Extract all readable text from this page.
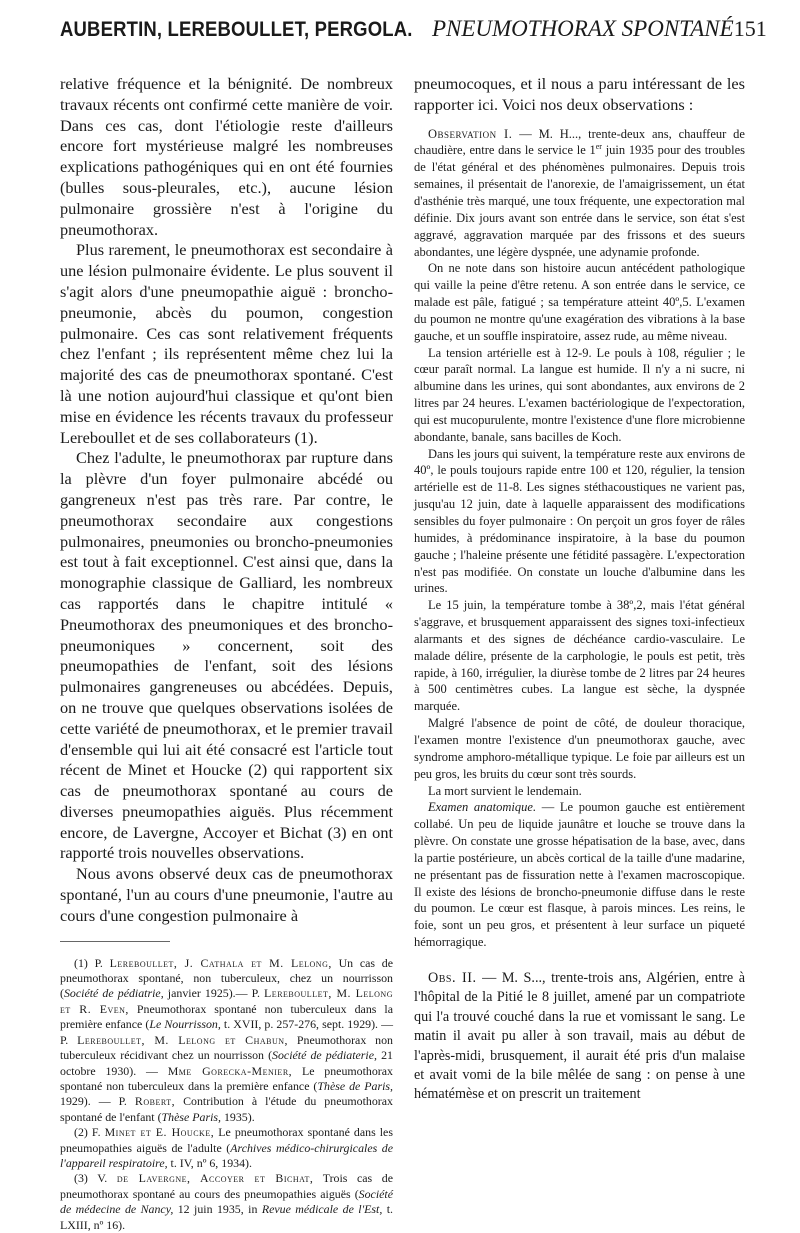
AUBERTIN, LEREBOULLET, PERGOLA. PNEUMOTHORAX SPONTANÉ 151

relative fréquence et la bénignité. De nombreux travaux récents ont confirmé cette manière de voir. Dans ces cas, dont l'étiologie reste d'ailleurs encore fort mystérieuse malgré les nombreuses explications pathogéniques qui en ont été fournies (bulles sous-pleurales, etc.), aucune lésion pulmonaire grossière n'est à l'origine du pneumothorax.

Plus rarement, le pneumothorax est secondaire à une lésion pulmonaire évidente. Le plus souvent il s'agit alors d'une pneumopathie aiguë : broncho-pneumonie, abcès du poumon, congestion pulmonaire. Ces cas sont relativement fréquents chez l'enfant ; ils représentent même chez lui la majorité des cas de pneumothorax spontané. C'est là une notion aujourd'hui classique et qu'ont bien mise en évidence les récents travaux du professeur Lereboullet et de ses collaborateurs (1).

Chez l'adulte, le pneumothorax par rupture dans la plèvre d'un foyer pulmonaire abcédé ou gangreneux n'est pas très rare. Par contre, le pneumothorax secondaire aux congestions pulmonaires, pneumonies ou broncho-pneumonies est tout à fait exceptionnel. C'est ainsi que, dans la monographie classique de Galliard, les nombreux cas rapportés dans le chapitre intitulé « Pneumothorax des pneumoniques et des broncho-pneumoniques » concernent, soit des pneumopathies de l'enfant, soit des lésions pulmonaires gangreneuses ou abcédées. Depuis, on ne trouve que quelques observations isolées de cette variété de pneumothorax, et le premier travail d'ensemble qui lui ait été consacré est l'article tout récent de Minet et Houcke (2) qui rapportent six cas de pneumothorax spontané au cours de diverses pneumopathies aiguës. Plus récemment encore, de Lavergne, Accoyer et Bichat (3) en ont rapporté trois nouvelles observations.

Nous avons observé deux cas de pneumothorax spontané, l'un au cours d'une pneumonie, l'autre au cours d'une congestion pulmonaire à

(1) P. Lereboullet, J. Cathala et M. Lelong, Un cas de pneumothorax spontané, non tuberculeux, chez un nourrisson (Société de pédiatrie, janvier 1925).— P. Lereboullet, M. Lelong et R. Even, Pneumothorax spontané non tuberculeux dans la première enfance (Le Nourrisson, t. XVII, p. 257-276, sept. 1929). — P. Lereboullet, M. Lelong et Chabun, Pneumothorax non tuberculeux récidivant chez un nourrisson (Société de pédiaterie, 21 octobre 1930). — Mme Gorecka-Menier, Le pneumothorax spontané non tuberculeux dans la première enfance (Thèse de Paris, 1929). — P. Robert, Contribution à l'étude du pneumothorax spontané de l'enfant (Thèse Paris, 1935).

(2) F. Minet et E. Houcke, Le pneumothorax spontané dans les pneumopathies aiguës de l'adulte (Archives médico-chirurgicales de l'appareil respiratoire, t. IV, nº 6, 1934).

(3) V. de Lavergne, Accoyer et Bichat, Trois cas de pneumothorax spontané au cours des pneumopathies aiguës (Société de médecine de Nancy, 12 juin 1935, in Revue médicale de l'Est, t. LXIII, nº 16).

pneumocoques, et il nous a paru intéressant de les rapporter ici. Voici nos deux observations :

Observation I. — M. H..., trente-deux ans, chauffeur de chaudière, entre dans le service le 1er juin 1935 pour des troubles de l'état général et des phénomènes pulmonaires. Depuis trois semaines, il présentait de l'anorexie, de l'amaigrissement, un état d'asthénie très marqué, une toux fréquente, une expectoration mal définie. Dix jours avant son entrée dans le service, son état s'est aggravé, aggravation marquée par des frissons et des sueurs abondantes, une légère dyspnée, une adynamie profonde.

On ne note dans son histoire aucun antécédent pathologique qui vaille la peine d'être retenu. A son entrée dans le service, ce malade est pâle, fatigué ; sa température atteint 40º,5. L'examen du poumon ne montre qu'une exagération des vibrations à la base gauche, et un souffle inspiratoire, assez rude, au même niveau.

La tension artérielle est à 12-9. Le pouls à 108, régulier ; le cœur paraît normal. La langue est humide. Il n'y a ni sucre, ni albumine dans les urines, qui sont abondantes, aux environs de 2 litres par 24 heures. L'examen bactériologique de l'expectoration, qui est mucopurulente, montre l'existence d'une flore microbienne abondante, banale, sans bacilles de Koch.

Dans les jours qui suivent, la température reste aux environs de 40º, le pouls toujours rapide entre 100 et 120, régulier, la tension artérielle est de 11-8. Les signes stéthacoustiques ne varient pas, jusqu'au 12 juin, date à laquelle apparaissent des modifications sensibles du foyer pulmonaire : On perçoit un gros foyer de râles humides, à prédominance inspiratoire, à la base du poumon gauche ; l'haleine présente une fétidité passagère. L'expectoration n'est pas modifiée. On constate un louche d'albumine dans les urines.

Le 15 juin, la température tombe à 38º,2, mais l'état général s'aggrave, et brusquement apparaissent des signes toxi-infectieux alarmants et des signes de déchéance cardio-vasculaire. Le malade délire, présente de la carphologie, le pouls est petit, très rapide, à 160, irrégulier, la diurèse tombe de 2 litres par 24 heures à 500 centimètres cubes. La langue est sèche, la dyspnée marquée.

Malgré l'absence de point de côté, de douleur thoracique, l'examen montre l'existence d'un pneumothorax gauche, avec syndrome amphoro-métallique typique. Le foie par ailleurs est un peu gros, les bruits du cœur sont très sourds.

La mort survient le lendemain.

Examen anatomique. — Le poumon gauche est entièrement collabé. Un peu de liquide jaunâtre et louche se trouve dans la plèvre. On constate une grosse hépatisation de la base, avec, dans la partie postérieure, un abcès cortical de la taille d'une madarine, ne présentant pas de fissuration nette à l'examen macroscopique. Il existe des lésions de broncho-pneumonie diffuse dans le reste du poumon. Le cœur est flasque, à parois minces. Les reins, le foie, sont un peu gros, et présentent à leur surface un piqueté hémorragique.

Obs. II. — M. S..., trente-trois ans, Algérien, entre à l'hôpital de la Pitié le 8 juillet, amené par un compatriote qui l'a trouvé couché dans la rue et vomissant le sang. Le matin il avait pu aller à son travail, mais au début de l'après-midi, brusquement, il aurait été pris d'un malaise et avait vomi de la bile mêlée de sang : on pense à une hématémèse et on prescrit un traitement
